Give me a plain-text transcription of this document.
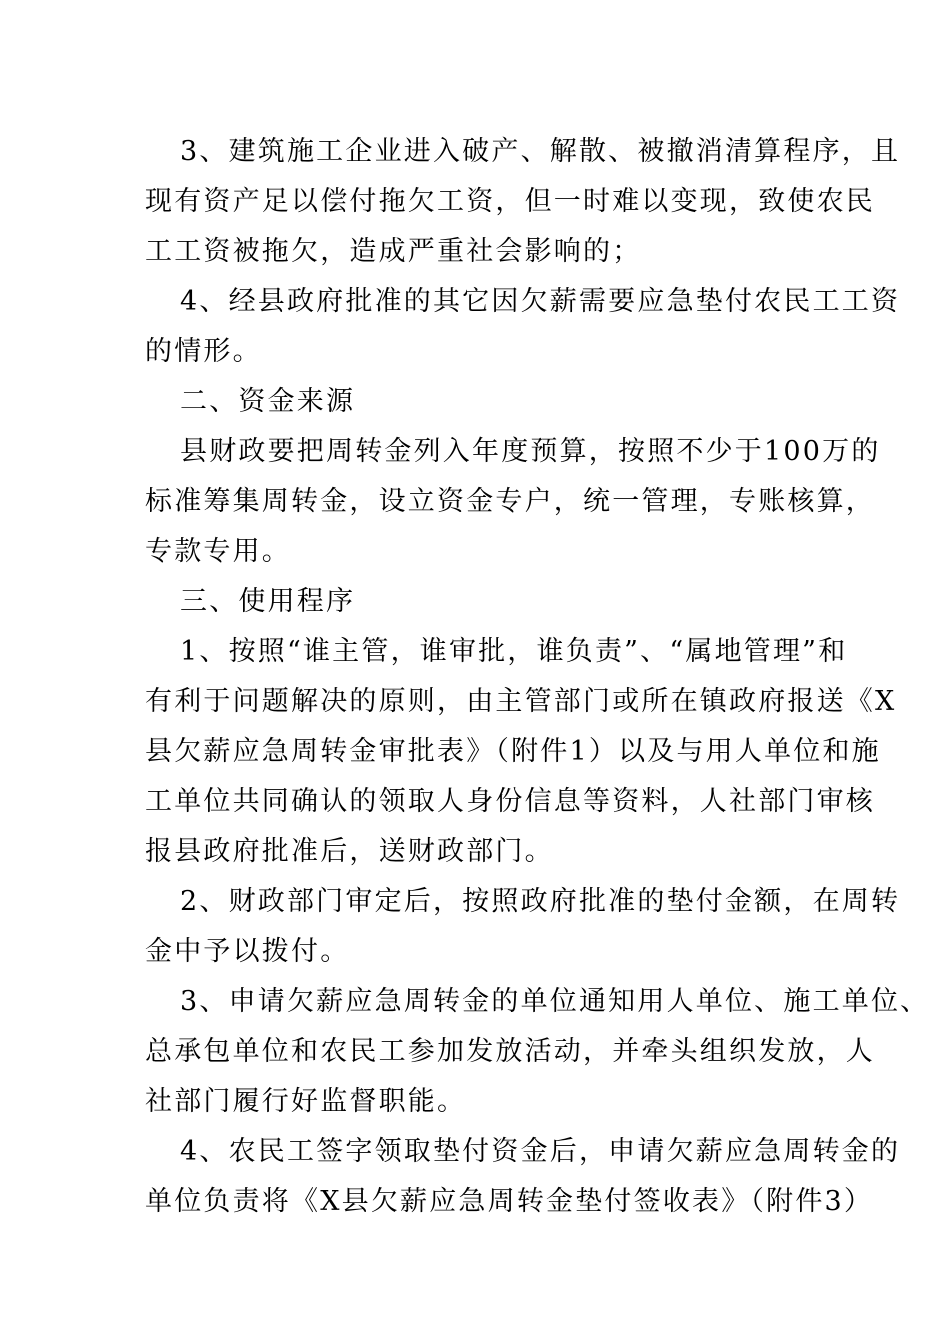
3、建筑施工企业进入破产、解散、被撤消清算程序，且
现有资产足以偿付拖欠工资，但一时难以变现，致使农民
工工资被拖欠，造成严重社会影响的；
4、经县政府批准的其它因欠薪需要应急垫付农民工工资
的情形。
二、资金来源
县财政要把周转金列入年度预算，按照不少于100万的
标准筹集周转金，设立资金专户，统一管理，专账核算，
专款专用。
三、使用程序
1、按照“谁主管，谁审批，谁负责”、“属地管理”和
有利于问题解决的原则，由主管部门或所在镇政府报送《X
县欠薪应急周转金审批表》（附件1）以及与用人单位和施
工单位共同确认的领取人身份信息等资料，人社部门审核
报县政府批准后，送财政部门。
2、财政部门审定后，按照政府批准的垫付金额，在周转
金中予以拨付。
3、申请欠薪应急周转金的单位通知用人单位、施工单位、
总承包单位和农民工参加发放活动，并牵头组织发放，人
社部门履行好监督职能。
4、农民工签字领取垫付资金后，申请欠薪应急周转金的
单位负责将《X县欠薪应急周转金垫付签收表》（附件3）
